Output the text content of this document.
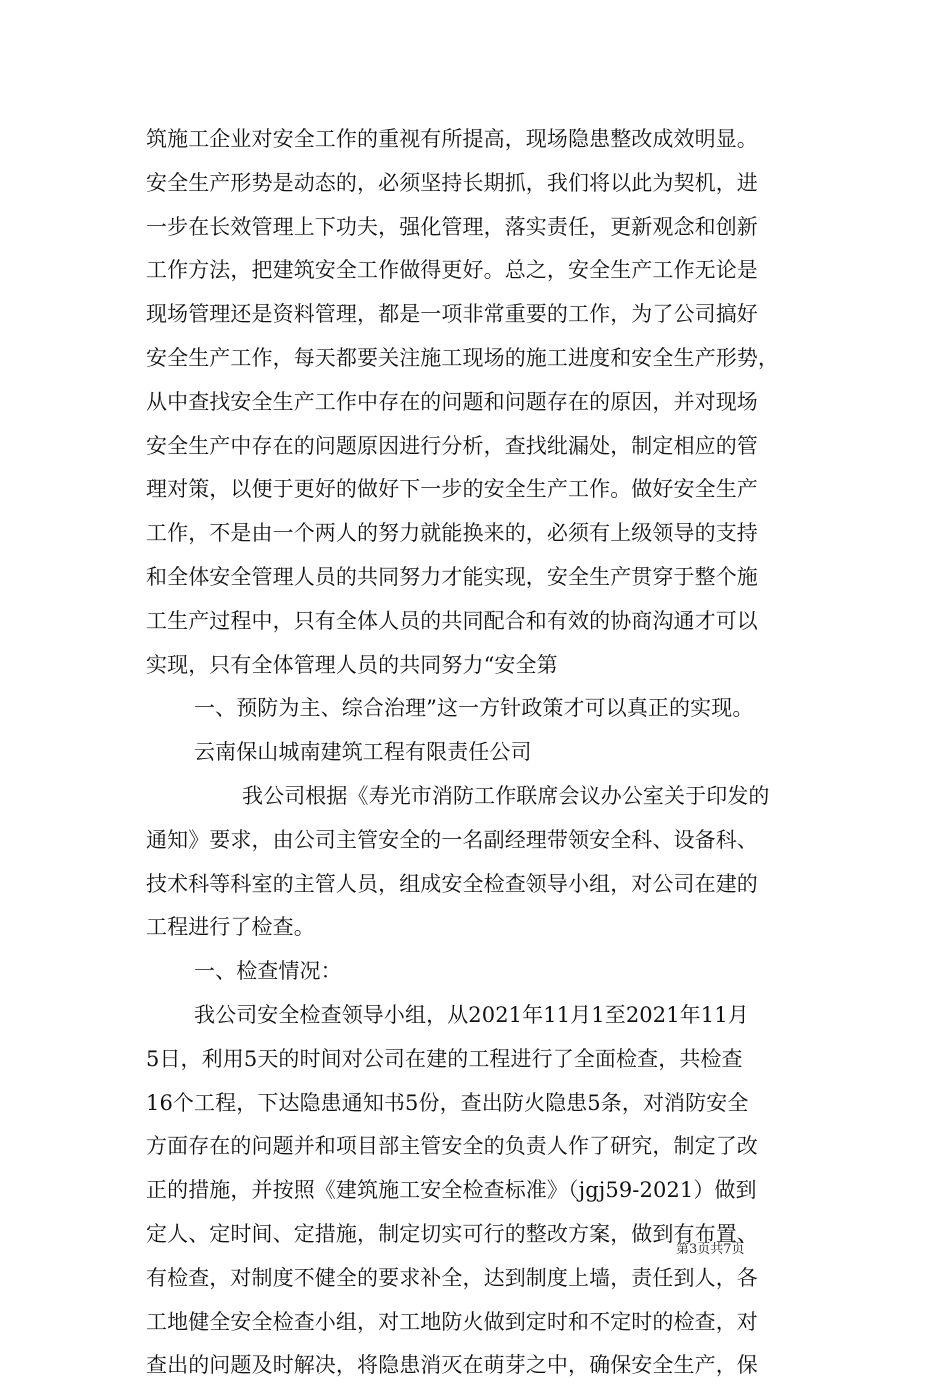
筑施工企业对安全工作的重视有所提高，现场隐患整改成效明显。
安全生产形势是动态的，必须坚持长期抓，我们将以此为契机，进
一步在长效管理上下功夫，强化管理，落实责任，更新观念和创新
工作方法，把建筑安全工作做得更好。总之，安全生产工作无论是
现场管理还是资料管理，都是一项非常重要的工作，为了公司搞好
安全生产工作，每天都要关注施工现场的施工进度和安全生产形势，
从中查找安全生产工作中存在的问题和问题存在的原因，并对现场
安全生产中存在的问题原因进行分析，查找纰漏处，制定相应的管
理对策，以便于更好的做好下一步的安全生产工作。做好安全生产
工作，不是由一个两人的努力就能换来的，必须有上级领导的支持
和全体安全管理人员的共同努力才能实现，安全生产贯穿于整个施
工生产过程中，只有全体人员的共同配合和有效的协商沟通才可以
实现，只有全体管理人员的共同努力“安全第
一、预防为主、综合治理”这一方针政策才可以真正的实现。
云南保山城南建筑工程有限责任公司
我公司根据《寿光市消防工作联席会议办公室关于印发的
通知》要求，由公司主管安全的一名副经理带领安全科、设备科、
技术科等科室的主管人员，组成安全检查领导小组，对公司在建的
工程进行了检查。
一、检查情况：
我公司安全检查领导小组，从2021年11月1至2021年11月
5日，利用5天的时间对公司在建的工程进行了全面检查，共检查
16个工程，下达隐患通知书5份，查出防火隐患5条，对消防安全
方面存在的问题并和项目部主管安全的负责人作了研究，制定了改
正的措施，并按照《建筑施工安全检查标准》（jgj59-2021）做到
定人、定时间、定措施，制定切实可行的整改方案，做到有布置、
有检查，对制度不健全的要求补全，达到制度上墙，责任到人，各
工地健全安全检查小组，对工地防火做到定时和不定时的检查，对
查出的问题及时解决，将隐患消灭在萌芽之中，确保安全生产，保
第3页共7页
